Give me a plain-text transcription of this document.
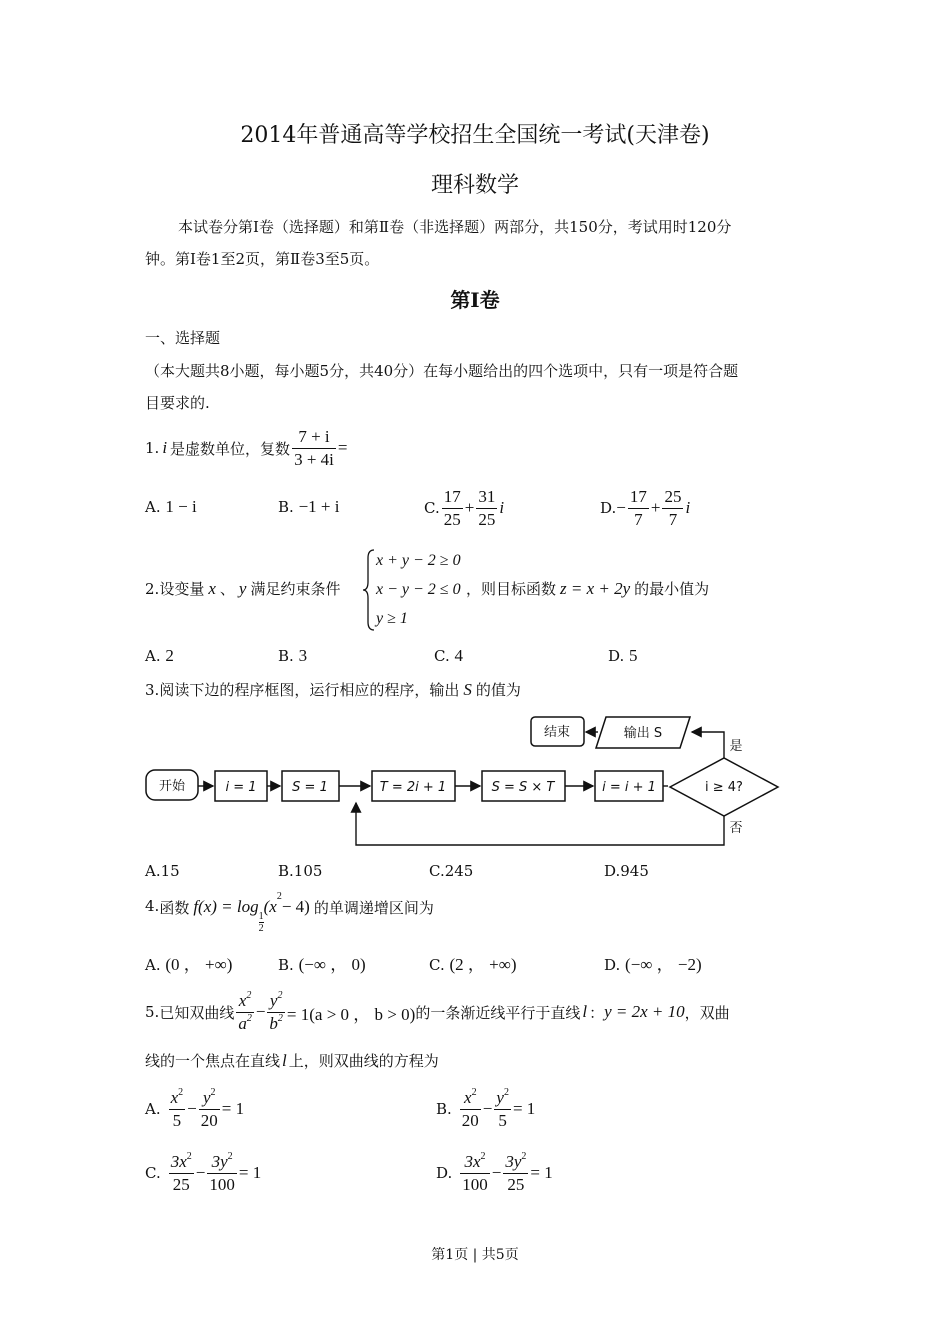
2014年普通高等学校招生全国统一考试(天津卷)
理科数学
本试卷分第Ⅰ卷（选择题）和第Ⅱ卷（非选择题）两部分，共150分，考试用时120分
钟。第Ⅰ卷1至2页，第Ⅱ卷3至5页。
第Ⅰ卷
一、选择题
（本大题共8小题，每小题5分，共40分）在每小题给出的四个选项中，只有一项是符合题
目要求的.
1. i 是虚数单位，复数 $\frac{7 + i}{3 + 4i}$ =
A. 1 − i	B. −1 + i	C. $\frac{17}{25} + \frac{31}{25}$ i	D. − $\frac{17}{7} + \frac{25}{7}$ i
2. 设变量 x 、 y 满足约束条件
x + y − 2 ≥ 0
x − y − 2 ≤ 0
y ≥ 1
，则目标函数 z = x + 2y 的最小值为
A. 2	B. 3	C. 4	D. 5
3. 阅读下边的程序框图，运行相应的程序，输出 S 的值为
开始	i = 1	S = 1	T = 2i + 1	S = S × T	i = i + 1	i ≥ 4?
输出 S
结束
是
否
A.15	B.105	C.245	D.945
4. 函数 f(x) = log
$\frac{1}{2}$
(x
2
− 4) 的单调递增区间为
A. (0 ， +∞)	B. (−∞ ， 0)	C. (2 ， +∞)	D. (−∞ ， −2)
5. 已知双曲线 $\frac{x^2}{a^2} - \frac{y^2}{b^2} = 1(a > 0$ ， b > 0) 的一条渐近线平行于直线 l ： y = 2x + 10 ，双曲
线的一个焦点在直线 l 上，则双曲线的方程为
A. $\frac{x^2}{5} - \frac{y^2}{20} = 1$	B. $\frac{x^2}{20} - \frac{y^2}{5} = 1$
C. $\frac{3x^2}{25} - \frac{3y^2}{100} = 1$	D. $\frac{3x^2}{100} - \frac{3y^2}{25} = 1$
第1页 | 共5页
